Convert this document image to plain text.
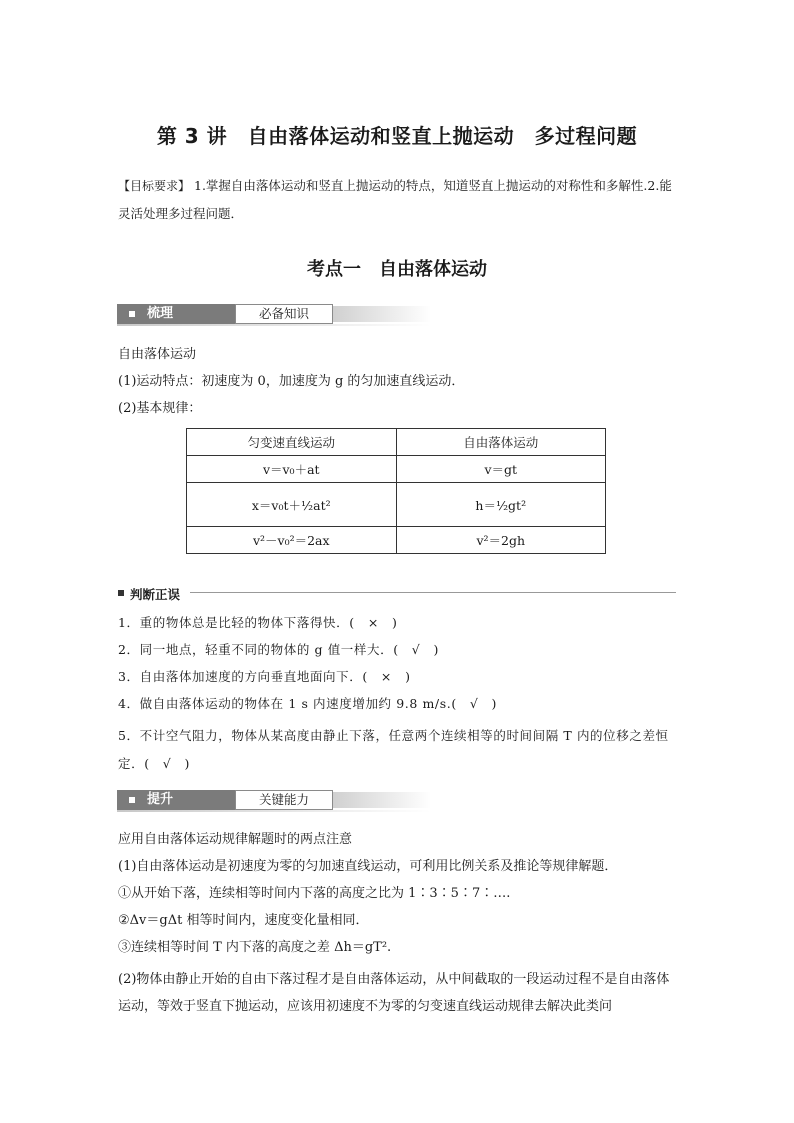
第 3 讲　自由落体运动和竖直上抛运动　多过程问题
【目标要求】 1.掌握自由落体运动和竖直上抛运动的特点，知道竖直上抛运动的对称性和多解性.2.能灵活处理多过程问题．
考点一　自由落体运动
梳理	必备知识
自由落体运动
(1)运动特点：初速度为 0，加速度为 g 的匀加速直线运动．
(2)基本规律：
匀变速直线运动	自由落体运动
v＝v₀＋at	v＝gt
x＝v₀t＋½at²	h＝½gt²
v²－v₀²＝2ax	v²＝2gh
判断正误
1．重的物体总是比轻的物体下落得快．(　×　)
2．同一地点，轻重不同的物体的 g 值一样大．(　√　)
3．自由落体加速度的方向垂直地面向下．(　×　)
4．做自由落体运动的物体在 1 s 内速度增加约 9.8 m/s.(　√　)
5．不计空气阻力，物体从某高度由静止下落，任意两个连续相等的时间间隔 T 内的位移之差恒定．(　√　)
提升	关键能力
应用自由落体运动规律解题时的两点注意
(1)自由落体运动是初速度为零的匀加速直线运动，可利用比例关系及推论等规律解题．
①从开始下落，连续相等时间内下落的高度之比为 1∶3∶5∶7∶….
②Δv＝gΔt 相等时间内，速度变化量相同．
③连续相等时间 T 内下落的高度之差 Δh＝gT².
(2)物体由静止开始的自由下落过程才是自由落体运动，从中间截取的一段运动过程不是自由落体运动，等效于竖直下抛运动，应该用初速度不为零的匀变速直线运动规律去解决此类问
